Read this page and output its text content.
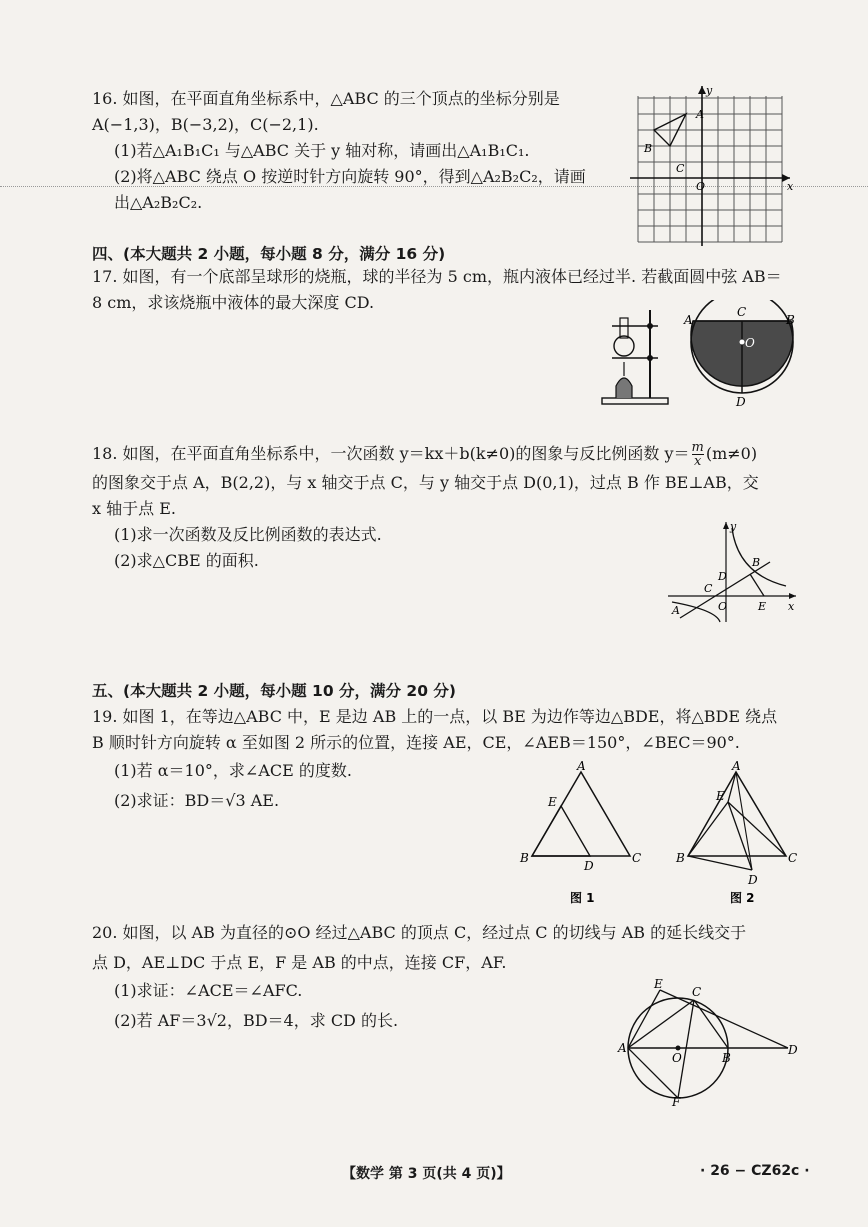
16. 如图，在平面直角坐标系中，△ABC 的三个顶点的坐标分别是
A(−1,3)，B(−3,2)，C(−2,1).
(1)若△A₁B₁C₁ 与△ABC 关于 y 轴对称，请画出△A₁B₁C₁.
(2)将△ABC 绕点 O 按逆时针方向旋转 90°，得到△A₂B₂C₂，请画
出△A₂B₂C₂.
A
B
C
O
y
x
四、(本大题共 2 小题，每小题 8 分，满分 16 分)
17. 如图，有一个底部呈球形的烧瓶，球的半径为 5 cm，瓶内液体已经过半. 若截面圆中弦 AB＝
8 cm，求该烧瓶中液体的最大深度 CD.
A	B
C
D
O
18. 如图，在平面直角坐标系中，一次函数 y＝kx＋b(k≠0)的图象与反比例函数 $y= \frac{m}{x} (m\ne 0)$
的图象交于点 A，B(2,2)，与 x 轴交于点 C，与 y 轴交于点 D(0,1)，过点 B 作 BE⊥AB，交
x 轴于点 E.
(1)求一次函数及反比例函数的表达式.
(2)求△CBE 的面积.
A
B
C
D
E
O
y
x
五、(本大题共 2 小题，每小题 10 分，满分 20 分)
19. 如图 1，在等边△ABC 中，E 是边 AB 上的一点，以 BE 为边作等边△BDE，将△BDE 绕点
B 顺时针方向旋转 α 至如图 2 所示的位置，连接 AE，CE，∠AEB＝150°，∠BEC＝90°.
(1)若 α＝10°，求∠ACE 的度数.
(2)求证：BD＝√3 AE.
A
B	C
D
E
图 1
A
B	C
D
E
图 2
20. 如图，以 AB 为直径的⊙O 经过△ABC 的顶点 C，经过点 C 的切线与 AB 的延长线交于
点 D，AE⊥DC 于点 E，F 是 AB 的中点，连接 CF，AF.
(1)求证：∠ACE＝∠AFC.
(2)若 AF＝3√2，BD＝4，求 CD 的长.
A
B
C
D
E
F
O
【数学 第 3 页(共 4 页)】	· 26 − CZ62c ·
